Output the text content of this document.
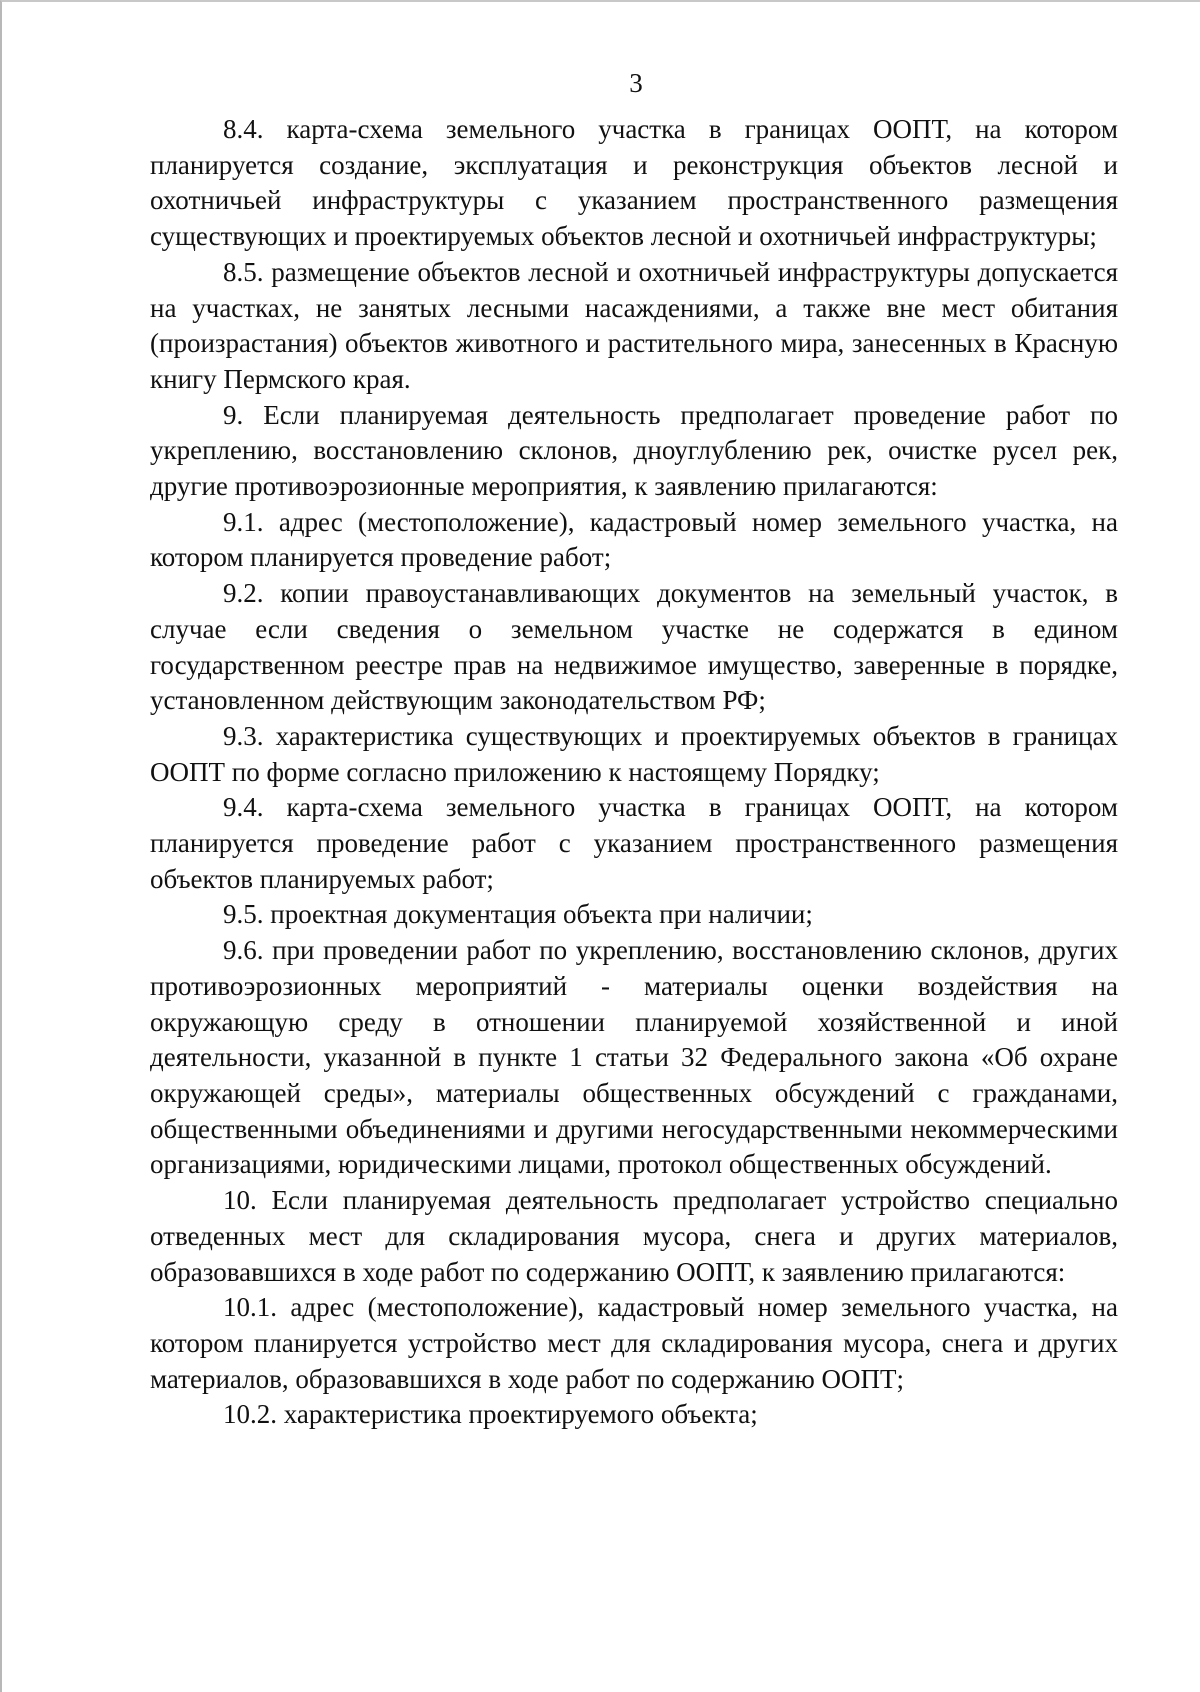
3

8.4. карта-схема земельного участка в границах ООПТ, на котором планируется создание, эксплуатация и реконструкция объектов лесной и охотничьей инфраструктуры с указанием пространственного размещения существующих и проектируемых объектов лесной и охотничьей инфраструктуры;

8.5. размещение объектов лесной и охотничьей инфраструктуры допускается на участках, не занятых лесными насаждениями, а также вне мест обитания (произрастания) объектов животного и растительного мира, занесенных в Красную книгу Пермского края.

9. Если планируемая деятельность предполагает проведение работ по укреплению, восстановлению склонов, дноуглублению рек, очистке русел рек, другие противоэрозионные мероприятия, к заявлению прилагаются:

9.1. адрес (местоположение), кадастровый номер земельного участка, на котором планируется проведение работ;

9.2. копии правоустанавливающих документов на земельный участок, в случае если сведения о земельном участке не содержатся в едином государственном реестре прав на недвижимое имущество, заверенные в порядке, установленном действующим законодательством РФ;

9.3. характеристика существующих и проектируемых объектов в границах ООПТ по форме согласно приложению к настоящему Порядку;

9.4. карта-схема земельного участка в границах ООПТ, на котором планируется проведение работ с указанием пространственного размещения объектов планируемых работ;

9.5. проектная документация объекта при наличии;

9.6. при проведении работ по укреплению, восстановлению склонов, других противоэрозионных мероприятий - материалы оценки воздействия на окружающую среду в отношении планируемой хозяйственной и иной деятельности, указанной в пункте 1 статьи 32 Федерального закона «Об охране окружающей среды», материалы общественных обсуждений с гражданами, общественными объединениями и другими негосударственными некоммерческими организациями, юридическими лицами, протокол общественных обсуждений.

10. Если планируемая деятельность предполагает устройство специально отведенных мест для складирования мусора, снега и других материалов, образовавшихся в ходе работ по содержанию ООПТ, к заявлению прилагаются:

10.1. адрес (местоположение), кадастровый номер земельного участка, на котором планируется устройство мест для складирования мусора, снега и других материалов, образовавшихся в ходе работ по содержанию ООПТ;

10.2. характеристика проектируемого объекта;
